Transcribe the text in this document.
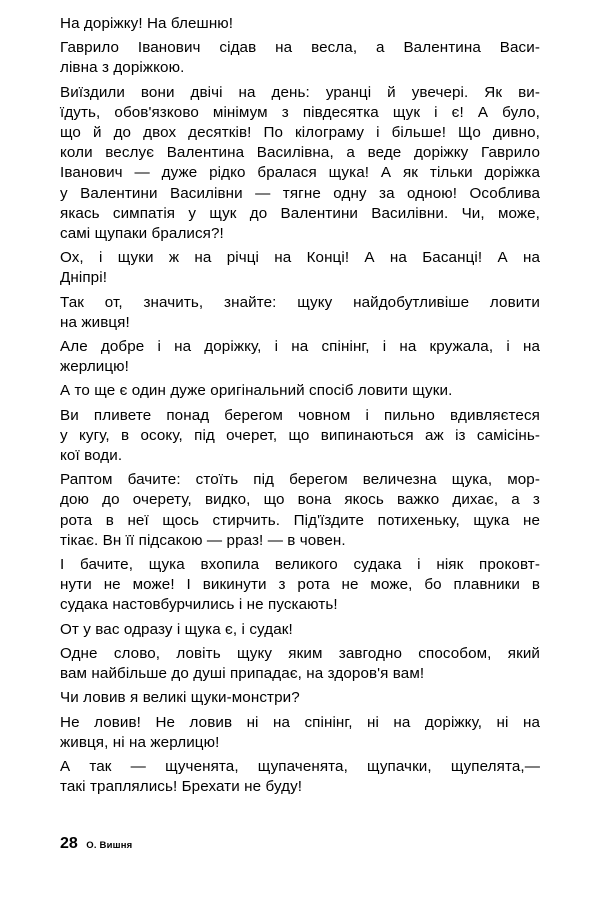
На доріжку! На блешню!
Гаврило Іванович сідав на весла, а Валентина Васи-
лівна з доріжкою.
Виїздили вони двічі на день: уранці й увечері. Як ви-
їдуть, обов'язково мінімум з півдесятка щук і є! А було,
що й до двох десятків! По кілограму і більше! Що дивно,
коли веслує Валентина Василівна, а веде доріжку Гаврило
Іванович — дуже рідко бралася щука! А як тільки доріжка
у Валентини Василівни — тягне одну за одною! Особлива
якась симпатія у щук до Валентини Василівни. Чи, може,
самі щупаки бралися?!
Ох, і щуки ж на річці на Конці! А на Басанці! А на
Дніпрі!
Так от, значить, знайте: щуку найдобутливіше ловити
на живця!
Але добре і на доріжку, і на спінінг, і на кружала, і на
жерлицю!
А то ще є один дуже оригінальний спосіб ловити щуки.
Ви пливете понад берегом човном і пильно вдивляєтеся
у кугу, в осоку, під очерет, що випинаються аж із самісінь-
кої води.
Раптом бачите: стоїть під берегом величезна щука, мор-
дою до очерету, видко, що вона якось важко дихає, а з
рота в неї щось стирчить. Під'їздите потихеньку, щука не
тікає. Вн її підсакою — рраз! — в човен.
І бачите, щука вхопила великого судака і ніяк проковт-
нути не може! І викинути з рота не може, бо плавники в
судака настовбурчились і не пускають!
От у вас одразу і щука є, і судак!
Одне слово, ловіть щуку яким завгодно способом, який
вам найбільше до душі припадає, на здоров'я вам!
Чи ловив я великі щуки-монстри?
Не ловив! Не ловив ні на спінінг, ні на доріжку, ні на
живця, ні на жерлицю!
А так — щученята, щупаченята, щупачки, щупелята,—
такі траплялись! Брехати не буду!
28 О. Вишня
